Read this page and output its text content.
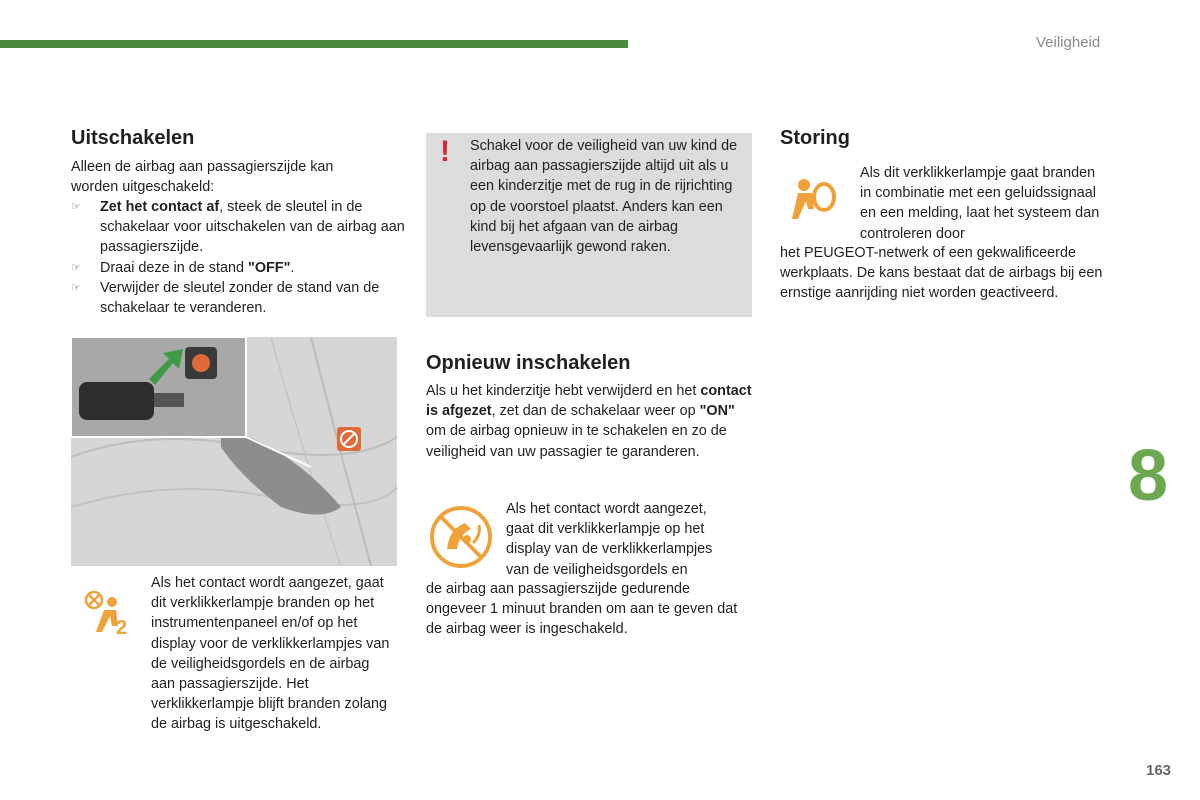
Veiligheid
Uitschakelen

Alleen de airbag aan passagierszijde kan worden uitgeschakeld:

☞ Zet het contact af, steek de sleutel in de schakelaar voor uitschakelen van de airbag aan passagierszijde.
☞ Draai deze in de stand "OFF".
☞ Verwijder de sleutel zonder de stand van de schakelaar te veranderen.
2

Als het contact wordt aangezet, gaat dit verklikkerlampje branden op het instrumentenpaneel en/of op het display voor de verklikkerlampjes van de veiligheidsgordels en de airbag aan passagierszijde. Het verklikkerlampje blijft branden zolang de airbag is uitgeschakeld.

! Schakel voor de veiligheid van uw kind de airbag aan passagierszijde altijd uit als u een kinderzitje met de rug in de rijrichting op de voorstoel plaatst. Anders kan een kind bij het afgaan van de airbag levensgevaarlijk gewond raken.

Opnieuw inschakelen

Als u het kinderzitje hebt verwijderd en het contact is afgezet, zet dan de schakelaar weer op "ON" om de airbag opnieuw in te schakelen en zo de veiligheid van uw passagier te garanderen.

Als het contact wordt aangezet, gaat dit verklikkerlampje op het display van de verklikkerlampjes van de veiligheidsgordels en

de airbag aan passagierszijde gedurende ongeveer 1 minuut branden om aan te geven dat de airbag weer is ingeschakeld.

Storing

Als dit verklikkerlampje gaat branden in combinatie met een geluidssignaal en een melding, laat het systeem dan controleren door

het PEUGEOT-netwerk of een gekwalificeerde werkplaats. De kans bestaat dat de airbags bij een ernstige aanrijding niet worden geactiveerd.

8
163
